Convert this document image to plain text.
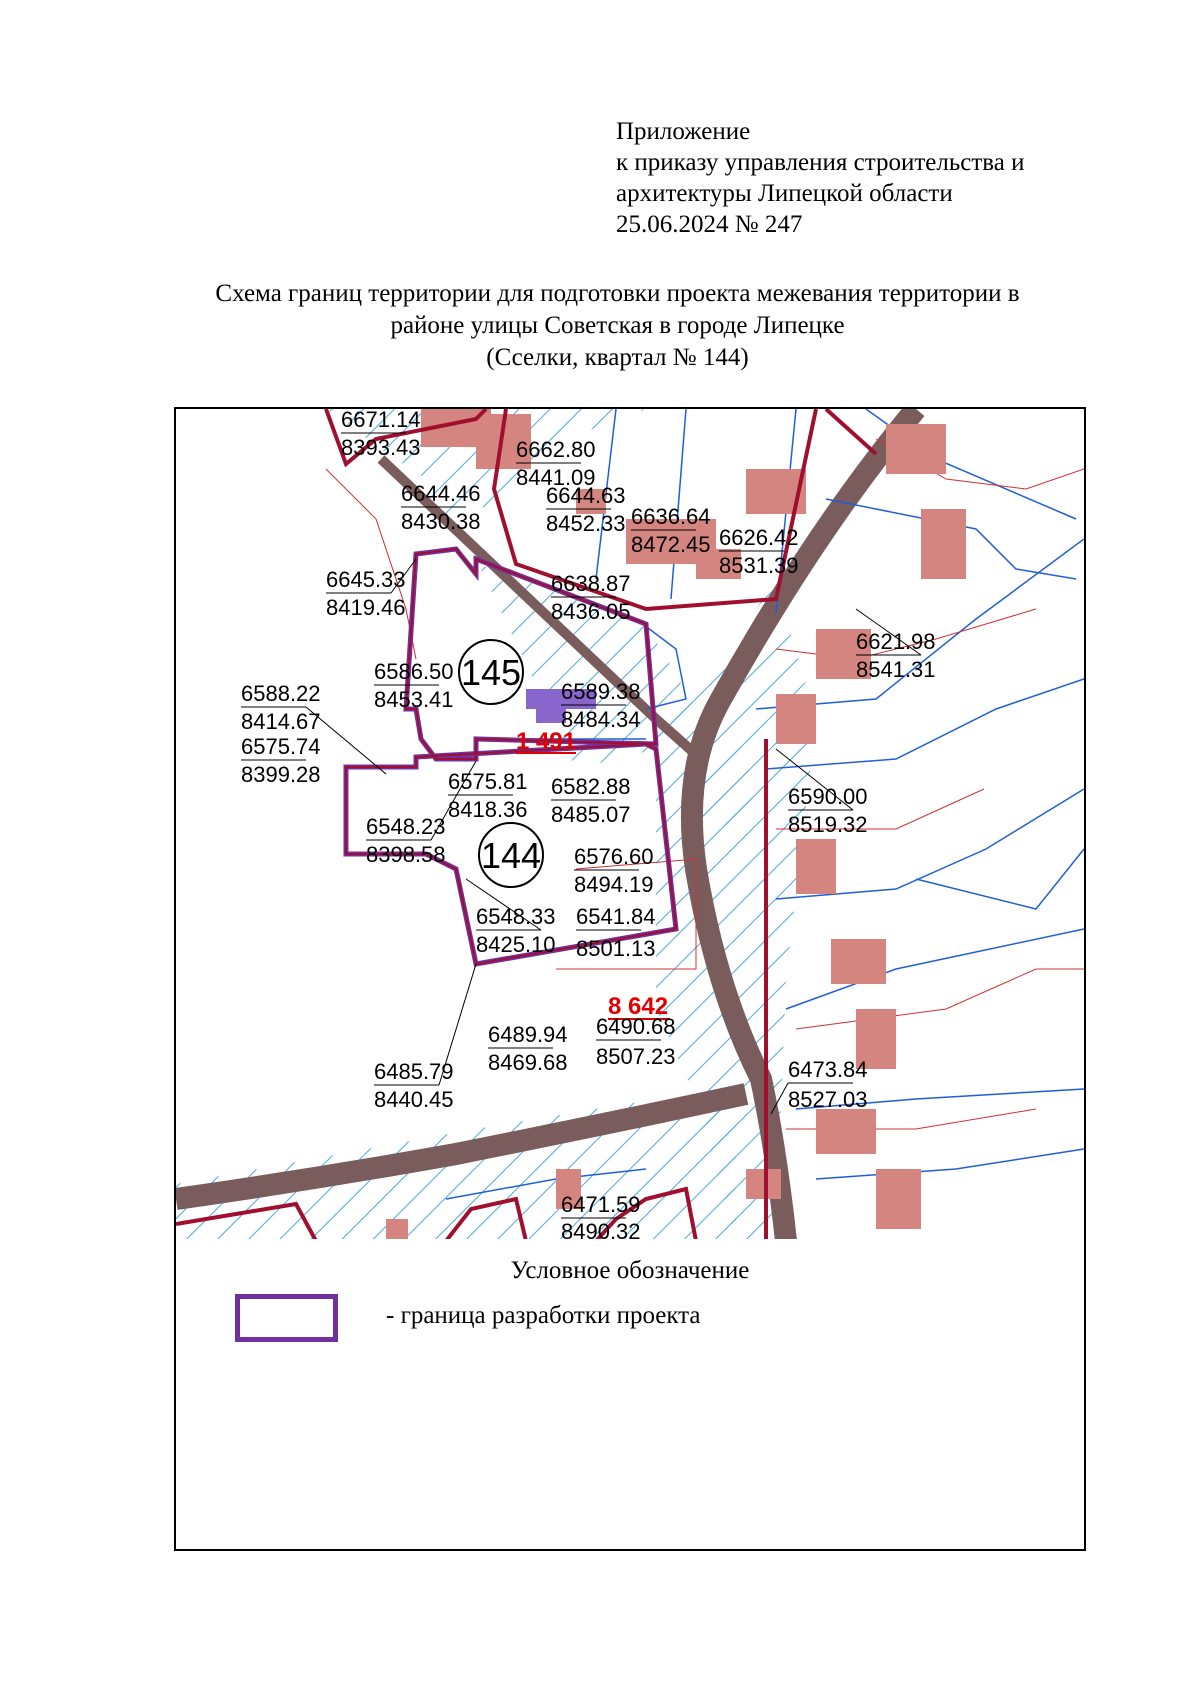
Приложение
к приказу управления строительства и
архитектуры Липецкой области
25.06.2024 № 247
Схема границ территории для подготовки проекта межевания территории в
районе улицы Советская в городе Липецке
(Сселки, квартал № 144)
145
144
1 491
8 642
6671.14
8393.43	6662.80
8441.09
6644.46
8430.38
6644.63
8452.33 6636.64
8472.45 6626.42
8531.39
6645.33
8419.46
6638.87
8436.05
6621.98
8541.31
6588.22
8414.67
6586.50
8453.41	6589.38
8484.34
6575.74
8399.28
6590.00
8519.32
6575.81
8418.36
6582.88
8485.07
6548.23
8398.58	6576.60
8494.19
6548.33
8425.10
6541.84
8501.13
6489.94
8469.68
6490.68
8507.23
6485.79
8440.45
6473.84
8527.03
6471.59
8490.32
Условное обозначение
- граница разработки проекта
